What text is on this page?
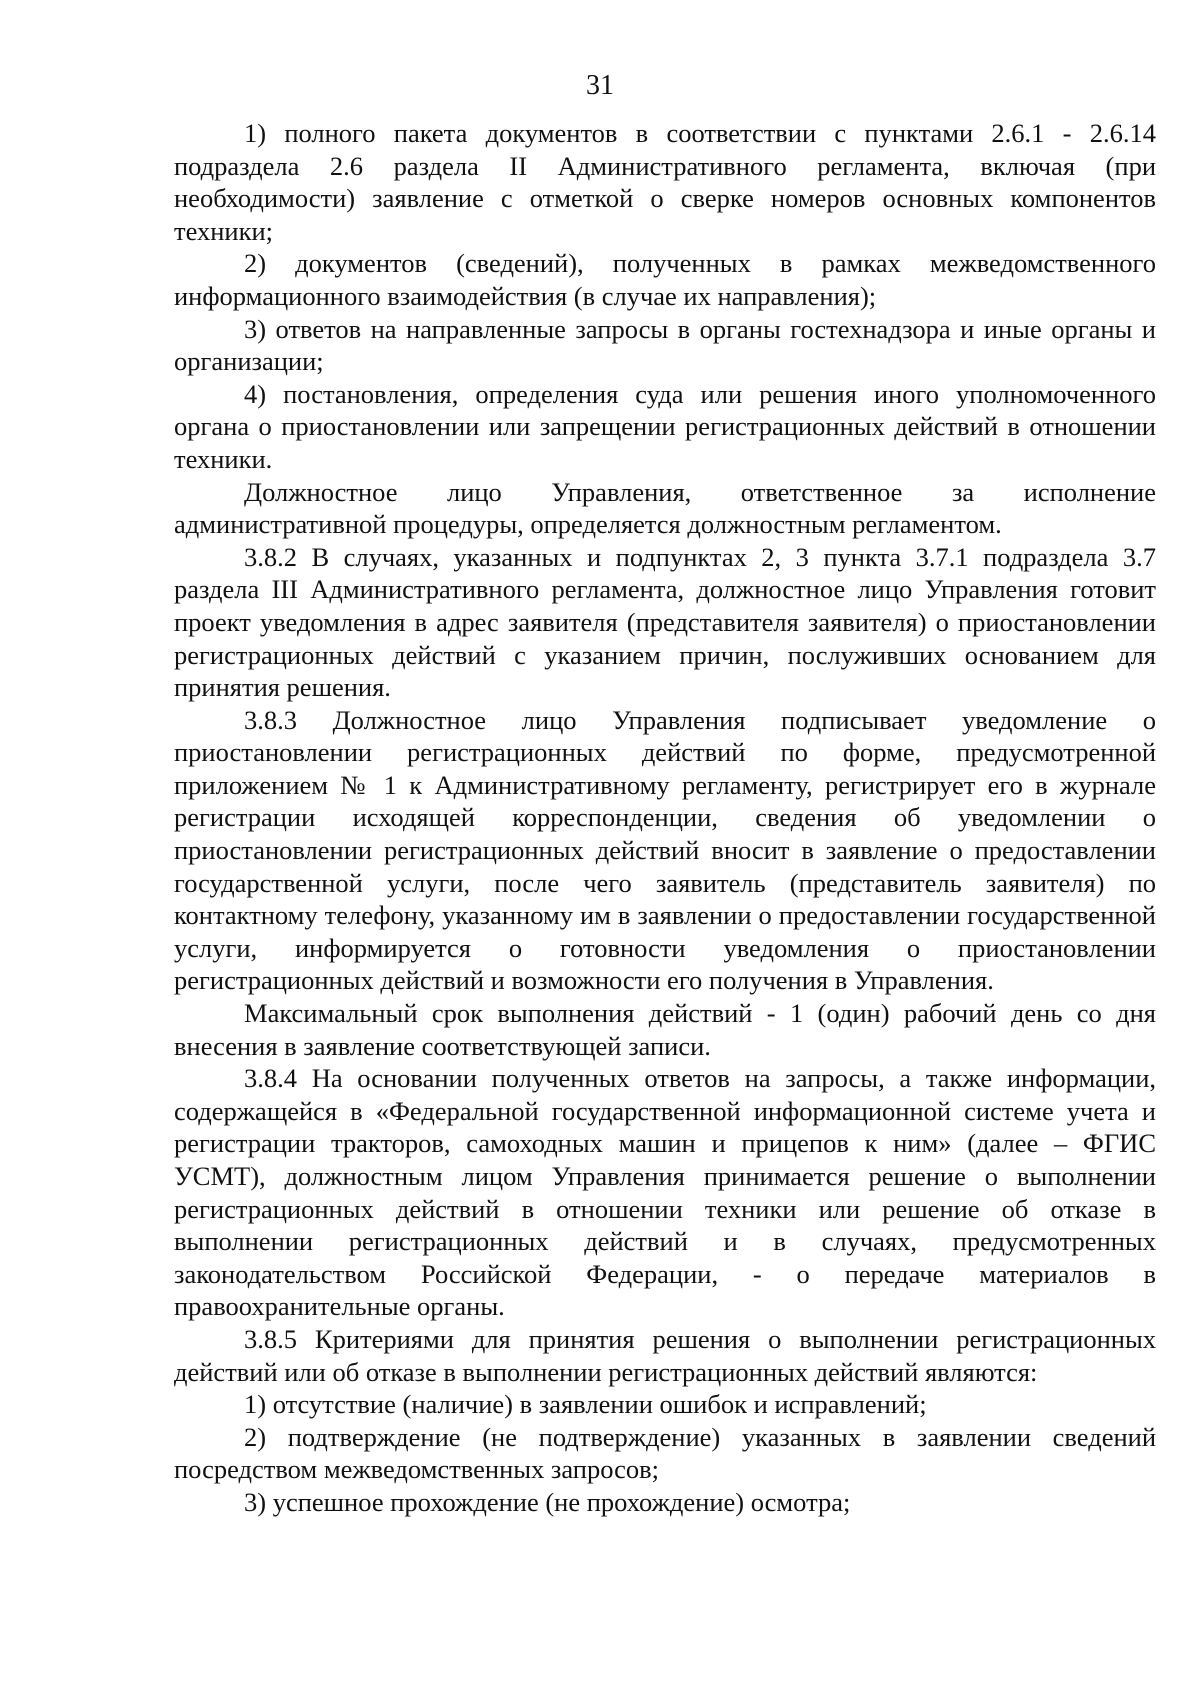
31

1) полного пакета документов в соответствии с пунктами 2.6.1 - 2.6.14 подраздела 2.6 раздела II Административного регламента, включая (при необходимости) заявление с отметкой о сверке номеров основных компонентов техники;

2) документов (сведений), полученных в рамках межведомственного информационного взаимодействия (в случае их направления);

3) ответов на направленные запросы в органы гостехнадзора и иные органы и организации;

4) постановления, определения суда или решения иного уполномоченного органа о приостановлении или запрещении регистрационных действий в отношении техники.

Должностное лицо Управления, ответственное за исполнение административной процедуры, определяется должностным регламентом.

3.8.2 В случаях, указанных и подпунктах 2, 3 пункта 3.7.1 подраздела 3.7 раздела III Административного регламента, должностное лицо Управления готовит проект уведомления в адрес заявителя (представителя заявителя) о приостановлении регистрационных действий с указанием причин, послуживших основанием для принятия решения.

3.8.3 Должностное лицо Управления подписывает уведомление о приостановлении регистрационных действий по форме, предусмотренной приложением № 1 к Административному регламенту, регистрирует его в журнале регистрации исходящей корреспонденции, сведения об уведомлении о приостановлении регистрационных действий вносит в заявление о предоставлении государственной услуги, после чего заявитель (представитель заявителя) по контактному телефону, указанному им в заявлении о предоставлении государственной услуги, информируется о готовности уведомления о приостановлении регистрационных действий и возможности его получения в Управления.

Максимальный срок выполнения действий - 1 (один) рабочий день со дня внесения в заявление соответствующей записи.

3.8.4 На основании полученных ответов на запросы, а также информации, содержащейся в «Федеральной государственной информационной системе учета и регистрации тракторов, самоходных машин и прицепов к ним» (далее – ФГИС УСМТ), должностным лицом Управления принимается решение о выполнении регистрационных действий в отношении техники или решение об отказе в выполнении регистрационных действий и в случаях, предусмотренных законодательством Российской Федерации, - о передаче материалов в правоохранительные органы.

3.8.5 Критериями для принятия решения о выполнении регистрационных действий или об отказе в выполнении регистрационных действий являются:

1) отсутствие (наличие) в заявлении ошибок и исправлений;

2) подтверждение (не подтверждение) указанных в заявлении сведений посредством межведомственных запросов;

3) успешное прохождение (не прохождение) осмотра;
